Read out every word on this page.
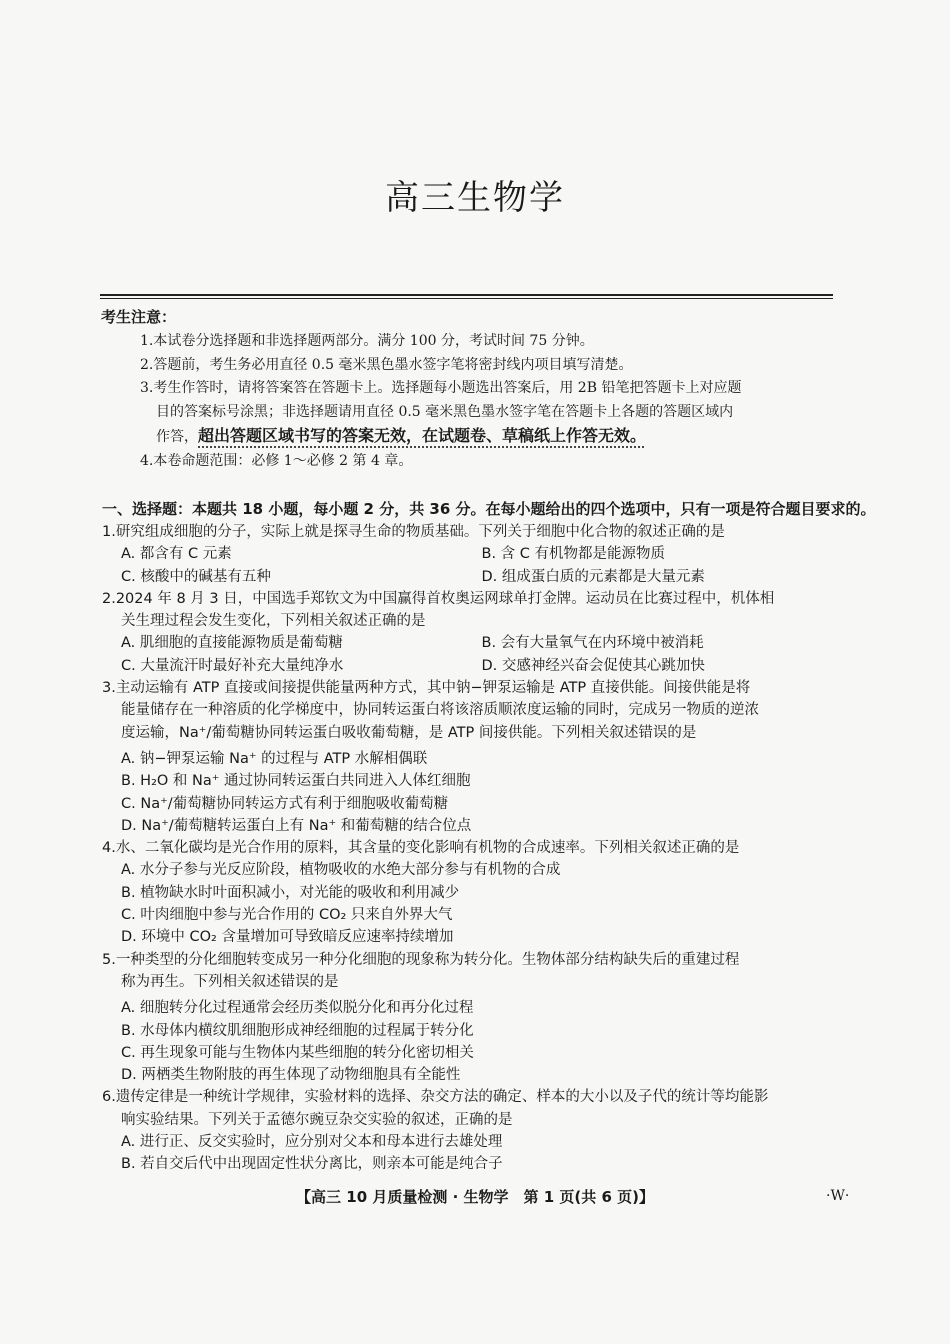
高三生物学
考生注意：

1.本试卷分选择题和非选择题两部分。满分 100 分，考试时间 75 分钟。

2.答题前，考生务必用直径 0.5 毫米黑色墨水签字笔将密封线内项目填写清楚。

3.考生作答时，请将答案答在答题卡上。选择题每小题选出答案后，用 2B 铅笔把答题卡上对应题

目的答案标号涂黑；非选择题请用直径 0.5 毫米黑色墨水签字笔在答题卡上各题的答题区域内

作答，超出答题区域书写的答案无效，在试题卷、草稿纸上作答无效。

4.本卷命题范围：必修 1～必修 2 第 4 章。

一、选择题：本题共 18 小题，每小题 2 分，共 36 分。在每小题给出的四个选项中，只有一项是符合题目要求的。

1.研究组成细胞的分子，实际上就是探寻生命的物质基础。下列关于细胞中化合物的叙述正确的是

A. 都含有 C 元素	B. 含 C 有机物都是能源物质
C. 核酸中的碱基有五种	D. 组成蛋白质的元素都是大量元素

2.2024 年 8 月 3 日，中国选手郑钦文为中国赢得首枚奥运网球单打金牌。运动员在比赛过程中，机体相

关生理过程会发生变化，下列相关叙述正确的是

A. 肌细胞的直接能源物质是葡萄糖	B. 会有大量氧气在内环境中被消耗
C. 大量流汗时最好补充大量纯净水	D. 交感神经兴奋会促使其心跳加快

3.主动运输有 ATP 直接或间接提供能量两种方式，其中钠−钾泵运输是 ATP 直接供能。间接供能是将

能量储存在一种溶质的化学梯度中，协同转运蛋白将该溶质顺浓度运输的同时，完成另一物质的逆浓

度运输，Na⁺/葡萄糖协同转运蛋白吸收葡萄糖，是 ATP 间接供能。下列相关叙述错误的是

A. 钠−钾泵运输 Na⁺ 的过程与 ATP 水解相偶联

B. H₂O 和 Na⁺ 通过协同转运蛋白共同进入人体红细胞

C. Na⁺/葡萄糖协同转运方式有利于细胞吸收葡萄糖

D. Na⁺/葡萄糖转运蛋白上有 Na⁺ 和葡萄糖的结合位点

4.水、二氧化碳均是光合作用的原料，其含量的变化影响有机物的合成速率。下列相关叙述正确的是

A. 水分子参与光反应阶段，植物吸收的水绝大部分参与有机物的合成

B. 植物缺水时叶面积减小，对光能的吸收和利用减少

C. 叶肉细胞中参与光合作用的 CO₂ 只来自外界大气

D. 环境中 CO₂ 含量增加可导致暗反应速率持续增加

5.一种类型的分化细胞转变成另一种分化细胞的现象称为转分化。生物体部分结构缺失后的重建过程

称为再生。下列相关叙述错误的是

A. 细胞转分化过程通常会经历类似脱分化和再分化过程

B. 水母体内横纹肌细胞形成神经细胞的过程属于转分化

C. 再生现象可能与生物体内某些细胞的转分化密切相关

D. 两栖类生物附肢的再生体现了动物细胞具有全能性

6.遗传定律是一种统计学规律，实验材料的选择、杂交方法的确定、样本的大小以及子代的统计等均能影

响实验结果。下列关于孟德尔豌豆杂交实验的叙述，正确的是

A. 进行正、反交实验时，应分别对父本和母本进行去雄处理

B. 若自交后代中出现固定性状分离比，则亲本可能是纯合子

【高三 10 月质量检测 · 生物学　第 1 页(共 6 页)】	·W·
